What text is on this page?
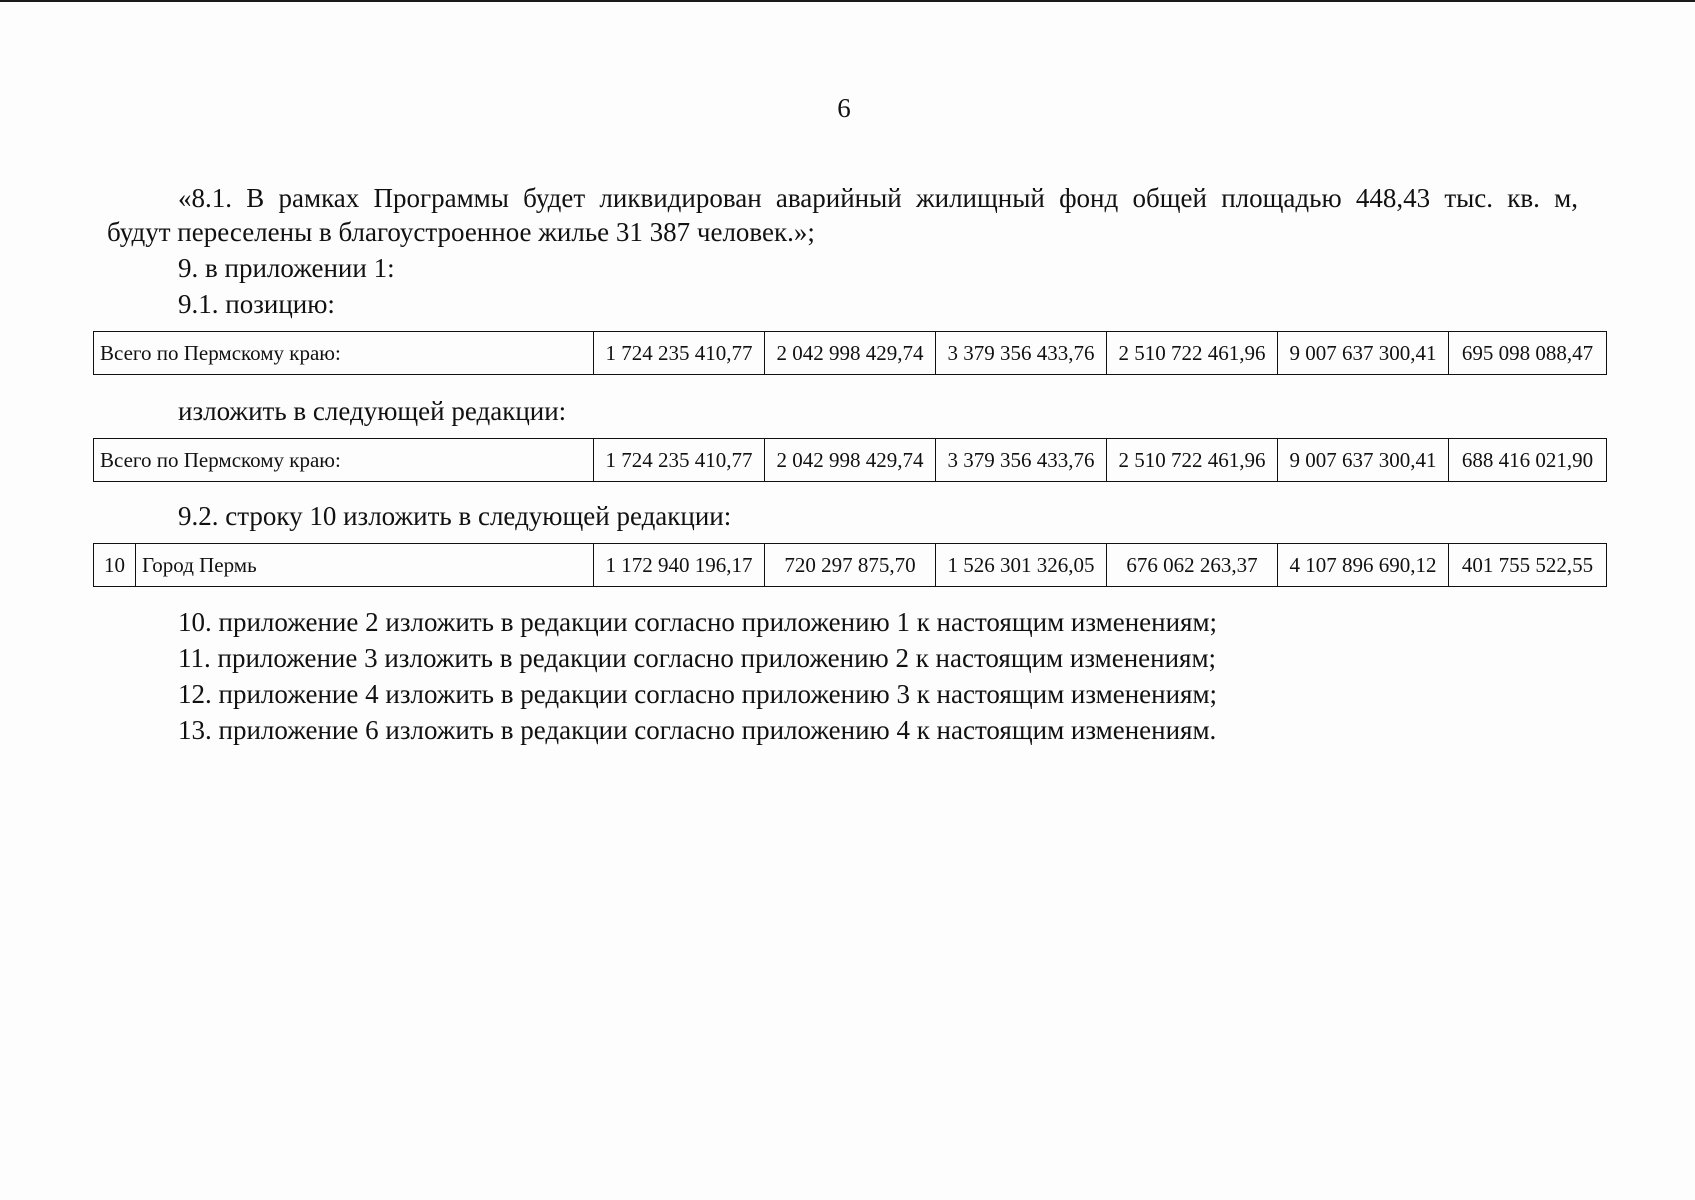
6
«8.1. В рамках Программы будет ликвидирован аварийный жилищный фонд общей площадью 448,43 тыс. кв. м,
будут переселены в благоустроенное жилье 31 387 человек.»;
9. в приложении 1:
9.1. позицию:
Всего по Пермскому краю:	1 724 235 410,77	2 042 998 429,74	3 379 356 433,76	2 510 722 461,96	9 007 637 300,41	695 098 088,47
изложить в следующей редакции:
Всего по Пермскому краю:	1 724 235 410,77	2 042 998 429,74	3 379 356 433,76	2 510 722 461,96	9 007 637 300,41	688 416 021,90
9.2. строку 10 изложить в следующей редакции:
10	Город Пермь	1 172 940 196,17	720 297 875,70	1 526 301 326,05	676 062 263,37	4 107 896 690,12	401 755 522,55
10. приложение 2 изложить в редакции согласно приложению 1 к настоящим изменениям;
11. приложение 3 изложить в редакции согласно приложению 2 к настоящим изменениям;
12. приложение 4 изложить в редакции согласно приложению 3 к настоящим изменениям;
13. приложение 6 изложить в редакции согласно приложению 4 к настоящим изменениям.
